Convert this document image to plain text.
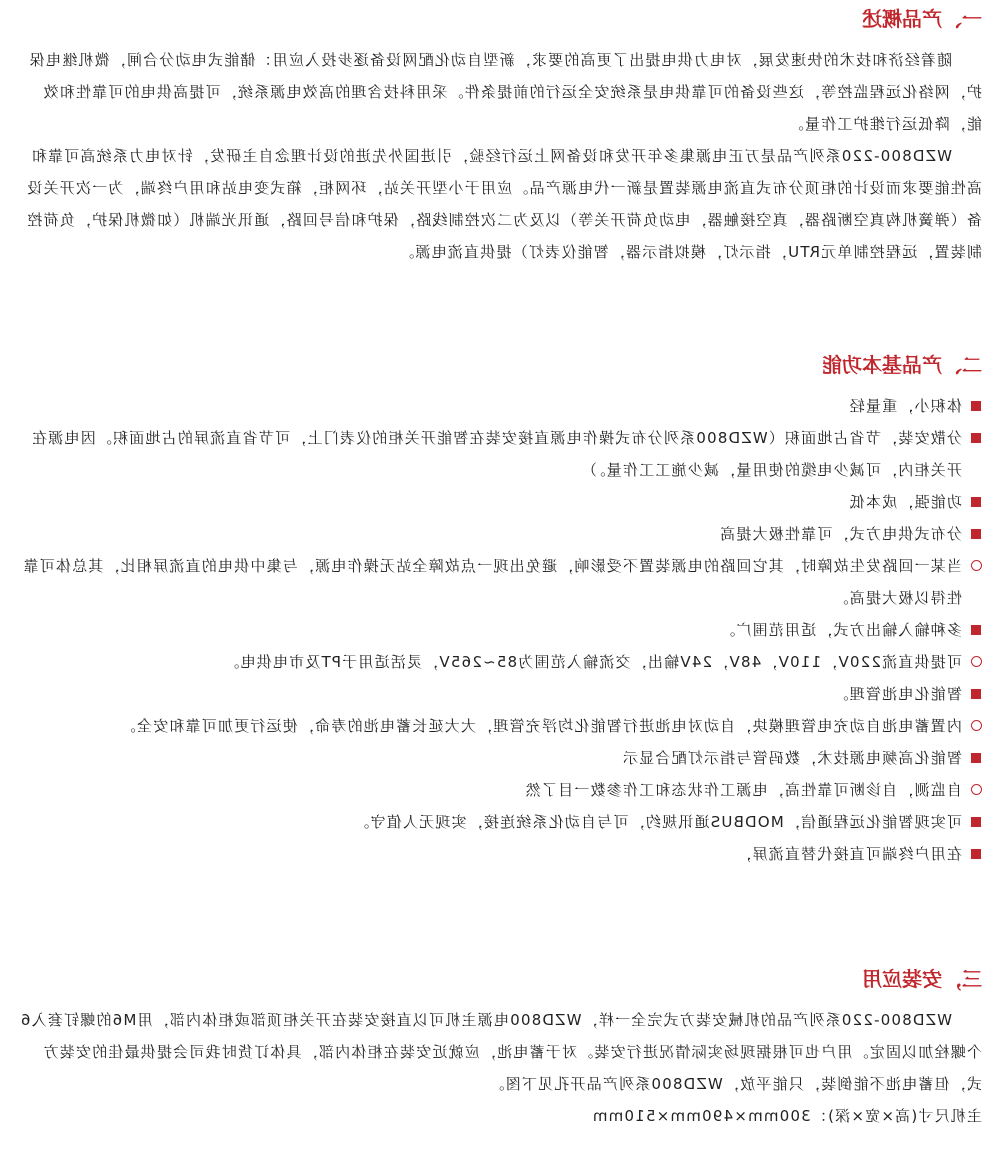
一、产品概述

随着经济和技术的快速发展，对电力供电提出了更高的要求，新型自动化配网设备逐步投入应用：储能式电动分合闸，微机继电保护，网络化远程监控等，这些设备的可靠供电是系统安全运行的前提条件。采用科技含理的高效电源系统，可提高供电的可靠性和效能，降低运行维护工作量。

WZD800-220系列产品是万正电源集多年开发和设备网上运行经验，引进国外先进的设计理念自主研发，针对电力系统高可靠和高性能要求而设计的柜顶分布式直流电源装置是新一代电源产品。应用于小型开关站，环网柜，箱式变电站和用户终端，为一次开关设备（弹簧机构真空断路器，真空接触器，电动负荷开关等）以及为二次控制线路，保护和信号回路，通讯光端机（如微机保护，负荷控制装置，远程控制单元RTU，指示灯，模拟指示器，智能仪表灯）提供直流电源。

二、产品基本功能
体积小，重量轻
分散安装，节省占地面积（WZD800系列分布式操作电源直接安装在智能开关柜的仪表门上，可节省直流屏的占地面积。因电源在开关柜内，可减少电缆的使用量，减少施工工作量。）
功能强，成本低
分布式供电方式，可靠性极大提高
当某一回路发生故障时，其它回路的电源装置不受影响，避免出现一点故障全站无操作电源，与集中供电的直流屏相比，其总体可靠性得以极大提高。
多种输入输出方式，适用范围广。
可提供直流220V，110V，48V，24V输出，交流输入范围为85~265V，灵活适用于PT及市电供电。
智能化电池管理。
内置蓄电池自动充电管理模块，自动对电池进行智能化均浮充管理，大大延长蓄电池的寿命，使运行更加可靠和安全。
智能化高频电源技术，数码管与指示灯配合显示
自监测，自诊断可靠性高，电源工作状态和工作参数一目了然
可实现智能化远程通信，MODBUS通讯规约，可与自动化系统连接，实现无人值守。
在用户终端可直接代替直流屏，
三，安装应用

WZD800-220系列产品的机械安装方式完全一样，WZD800电源主机可以直接安装在开关柜顶部或柜体内部，用M6的螺钉套入6个螺栓加以固定。用户也可根据现场实际情况进行安装。对于蓄电池，应就近安装在柜体内部，具体订货时我司会提供最佳的安装方式，但蓄电池不能倒装，只能平放，WZD800系列产品开孔见下图。

主机尺寸(高×宽×深)：300mm×490mm×510mm
